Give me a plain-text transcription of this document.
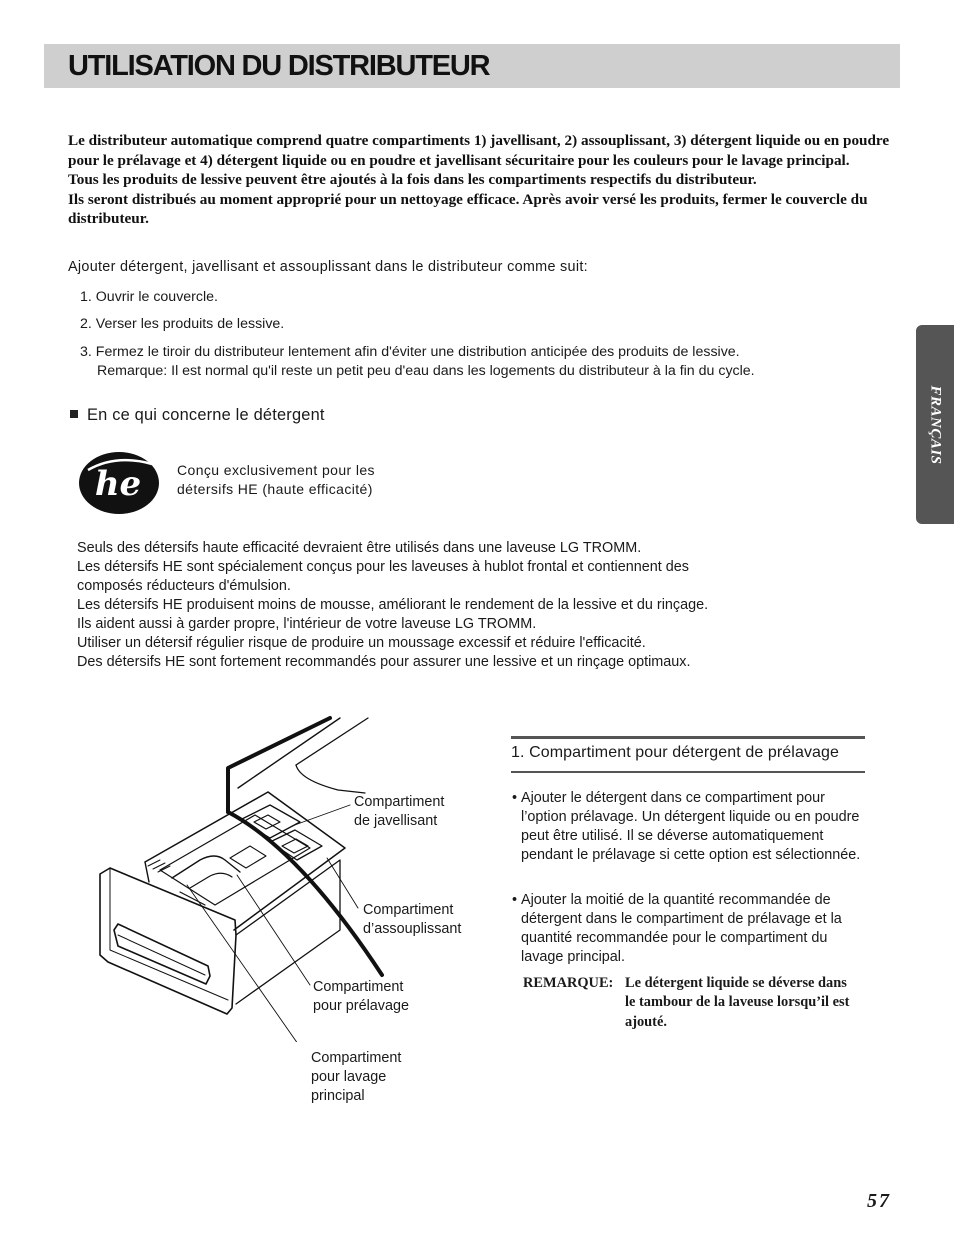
UTILISATION DU DISTRIBUTEUR

Le distributeur automatique comprend quatre compartiments 1) javellisant, 2) assouplissant, 3) détergent liquide ou en poudre pour le prélavage et 4) détergent liquide ou en poudre et javellisant sécuritaire pour les couleurs pour le lavage principal.

Tous les produits de lessive peuvent être ajoutés à la fois dans les compartiments respectifs du distributeur.

Ils seront distribués au moment approprié pour un nettoyage efficace. Après avoir versé les produits, fermer le couvercle du distributeur.

Ajouter détergent, javellisant et assouplissant dans le distributeur comme suit:
1. Ouvrir le couvercle.
2. Verser les produits de lessive.
3. Fermez le tiroir du distributeur lentement afin d'éviter une distribution anticipée des produits de lessive.
Remarque: Il est normal qu'il reste un petit peu d'eau dans les logements du distributeur à la fin du cycle.
En ce qui concerne le détergent
he	Conçu exclusivement pour les
détersifs HE (haute efficacité)
Seuls des détersifs haute efficacité devraient être utilisés dans une laveuse LG TROMM.
Les détersifs HE sont spécialement conçus pour les laveuses à hublot frontal et contiennent des
composés réducteurs d'émulsion.
Les détersifs HE produisent moins de mousse, améliorant le rendement de la lessive et du rinçage.
Ils aident aussi à garder propre, l'intérieur de votre laveuse LG TROMM.
Utiliser un détersif régulier risque de produire un moussage excessif et réduire l'efficacité.
Des détersifs HE sont fortement recommandés pour assurer une lessive et un rinçage optimaux.
FRANÇAIS
Compartiment
de javellisant
Compartiment
d’assouplissant
Compartiment
pour prélavage
Compartiment
pour lavage
principal
1. Compartiment pour détergent de prélavage
• Ajouter le détergent dans ce compartiment pour l’option prélavage. Un détergent liquide ou en poudre peut être utilisé. Il se déverse automatiquement pendant le prélavage si cette option est sélectionnée.
• Ajouter la moitié de la quantité recommandée de détergent dans le compartiment de prélavage et la quantité recommandée pour le compartiment du lavage principal.
REMARQUE: Le détergent liquide se déverse dans le tambour de la laveuse lorsqu’il est ajouté.
57
